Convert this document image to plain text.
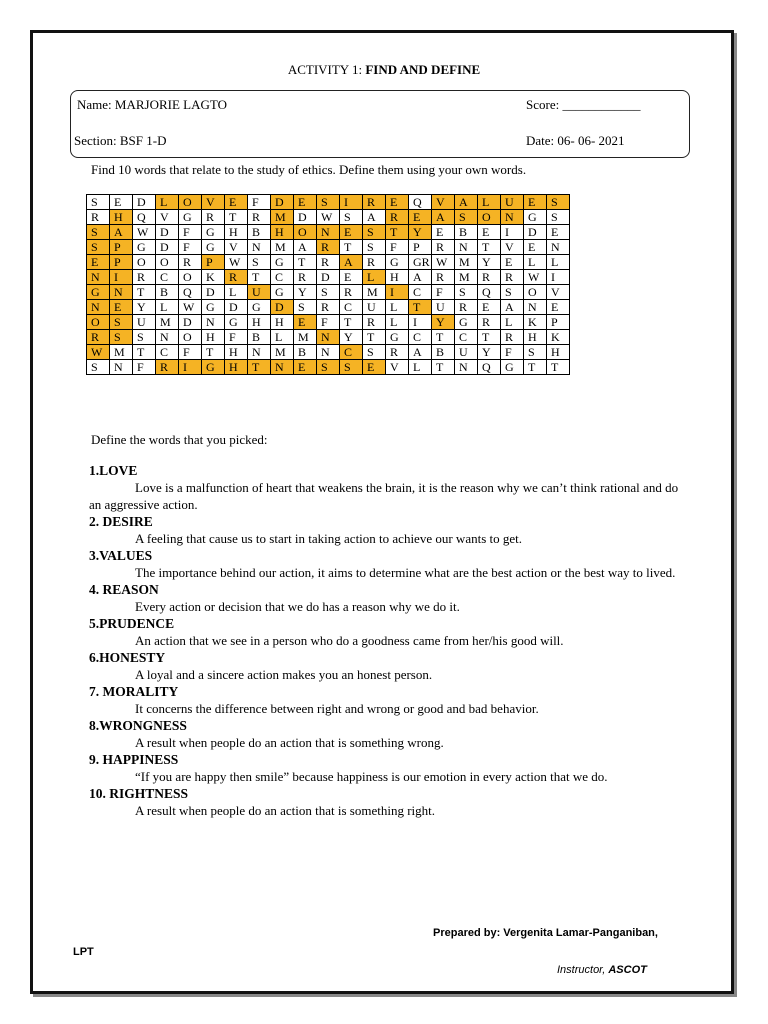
ACTIVITY 1: FIND AND DEFINE
Name: MARJORIE LAGTO	Score: ____________
Section: BSF 1-D	Date: 06- 06- 2021
Find 10 words that relate to the study of ethics. Define them using your own words.
S	E	D	L	O	V	E	F	D	E	S	I	R	E	Q	V	A	L	U	E	S
R	H	Q	V	G	R	T	R	M	D	W	S	A	R	E	A	S	O	N	G	S
S	A	W	D	F	G	H	B	H	O	N	E	S	T	Y	E	B	E	I	D	E
S	P	G	D	F	G	V	N	M	A	R	T	S	F	P	R	N	T	V	E	N
E	P	O	O	R	P	W	S	G	T	R	A	R	G	GR	W	M	Y	E	L	L
N	I	R	C	O	K	R	T	C	R	D	E	L	H	A	R	M	R	R	W	I
G	N	T	B	Q	D	L	U	G	Y	S	R	M	I	C	F	S	Q	S	O	V
N	E	Y	L	W	G	D	G	D	S	R	C	U	L	T	U	R	E	A	N	E
O	S	U	M	D	N	G	H	H	E	F	T	R	L	I	Y	G	R	L	K	P
R	S	S	N	O	H	F	B	L	M	N	Y	T	G	C	T	C	T	R	H	K
W	M	T	C	F	T	H	N	M	B	N	C	S	R	A	B	U	Y	F	S	H
S	N	F	R	I	G	H	T	N	E	S	S	E	V	L	T	N	Q	G	T	T
Define the words that you picked:
1.LOVE
Love is a malfunction of heart that weakens the brain, it is the reason why we can’t think rational and do an aggressive action.
2. DESIRE
A feeling that cause us to start in taking action to achieve our wants to get.
3.VALUES
The importance behind our action, it aims to determine what are the best action or the best way to lived.
4. REASON
Every action or decision that we do has a reason why we do it.
5.PRUDENCE
An action that we see in a person who do a goodness came from her/his good will.
6.HONESTY
A loyal and a sincere action makes you an honest person.
7. MORALITY
It concerns the difference between right and wrong or good and bad behavior.
8.WRONGNESS
A result when people do an action that is something wrong.
9. HAPPINESS
“If you are happy then smile” because happiness is our emotion in every action that we do.
10. RIGHTNESS
A result when people do an action that is something right.
Prepared by: Vergenita Lamar-Panganiban,
LPT
Instructor, ASCOT
